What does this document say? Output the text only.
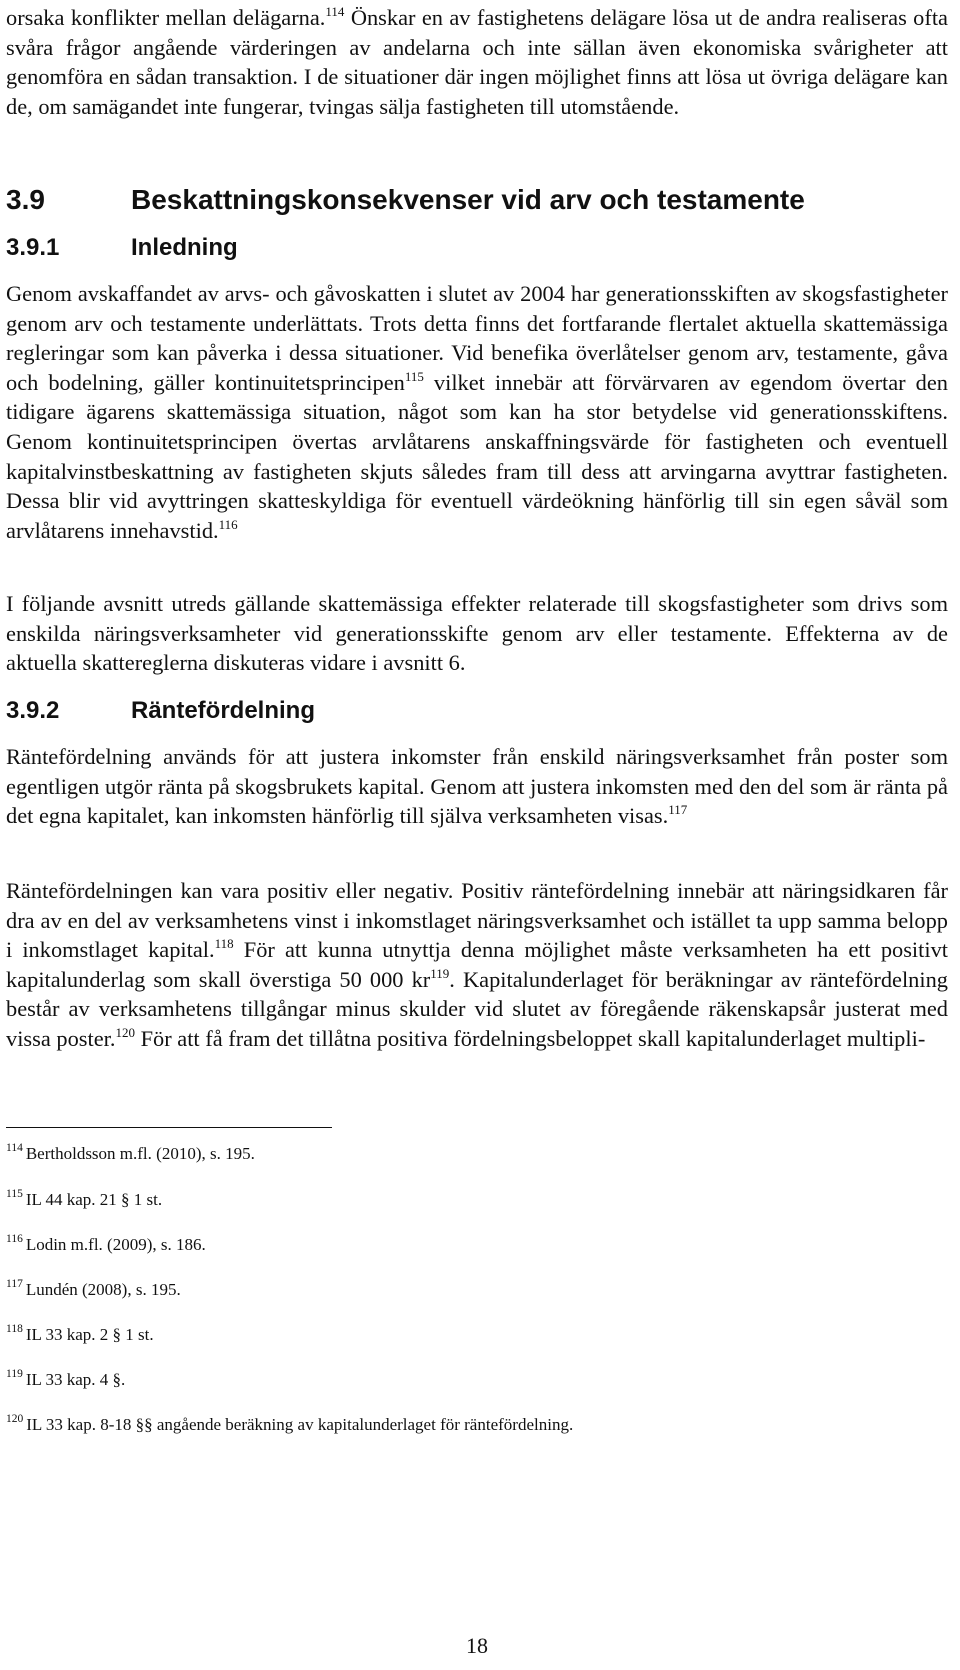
orsaka konflikter mellan delägarna.$^{114}$ Önskar en av fastighetens delägare lösa ut de andra realiseras ofta svåra frågor angående värderingen av andelarna och inte sällan även ekonomiska svårigheter att genomföra en sådan transaktion. I de situationer där ingen möjlighet finns att lösa ut övriga delägare kan de, om samägandet inte fungerar, tvingas sälja fastigheten till utomstående.

3.9	Beskattningskonsekvenser vid arv och testamente
3.9.1	Inledning

Genom avskaffandet av arvs- och gåvoskatten i slutet av 2004 har generationsskiften av skogsfastigheter genom arv och testamente underlättats. Trots detta finns det fortfarande flertalet aktuella skattemässiga regleringar som kan påverka i dessa situationer. Vid benefika överlåtelser genom arv, testamente, gåva och bodelning, gäller kontinuitetsprincipen$^{115}$ vilket innebär att förvärvaren av egendom övertar den tidigare ägarens skattemässiga situation, något som kan ha stor betydelse vid generationsskiftens. Genom kontinuitetsprincipen övertas arvlåtarens anskaffningsvärde för fastigheten och eventuell kapitalvinstbeskattning av fastigheten skjuts således fram till dess att arvingarna avyttrar fastigheten. Dessa blir vid avyttringen skatteskyldiga för eventuell värdeökning hänförlig till sin egen såväl som arvlåtarens innehavstid.$^{116}$

I följande avsnitt utreds gällande skattemässiga effekter relaterade till skogsfastigheter som drivs som enskilda näringsverksamheter vid generationsskifte genom arv eller testamente. Effekterna av de aktuella skattereglerna diskuteras vidare i avsnitt 6.

3.9.2	Räntefördelning

Räntefördelning används för att justera inkomster från enskild näringsverksamhet från poster som egentligen utgör ränta på skogsbrukets kapital. Genom att justera inkomsten med den del som är ränta på det egna kapitalet, kan inkomsten hänförlig till själva verksamheten visas.$^{117}$

Räntefördelningen kan vara positiv eller negativ. Positiv räntefördelning innebär att näringsidkaren får dra av en del av verksamhetens vinst i inkomstlaget näringsverksamhet och istället ta upp samma belopp i inkomstlaget kapital.$^{118}$ För att kunna utnyttja denna möjlighet måste verksamheten ha ett positivt kapitalunderlag som skall överstiga 50 000 $kr^{119}$. Kapitalunderlaget för beräkningar av räntefördelning består av verksamhetens tillgångar minus skulder vid slutet av föregående räkenskapsår justerat med vissa poster.$^{120}$ För att få fram det tillåtna positiva fördelningsbeloppet skall kapitalunderlaget multipli-

$^{114}$ Bertholdsson m.fl. (2010), s. 195.

$^{115}$ IL 44 kap. 21 § 1 st.

$^{116}$ Lodin m.fl. (2009), s. 186.

$^{117}$ Lundén (2008), s. 195.

$^{118}$ IL 33 kap. 2 § 1 st.

$^{119}$ IL 33 kap. 4 §.

$^{120}$ IL 33 kap. 8-18 §§ angående beräkning av kapitalunderlaget för räntefördelning.

18
